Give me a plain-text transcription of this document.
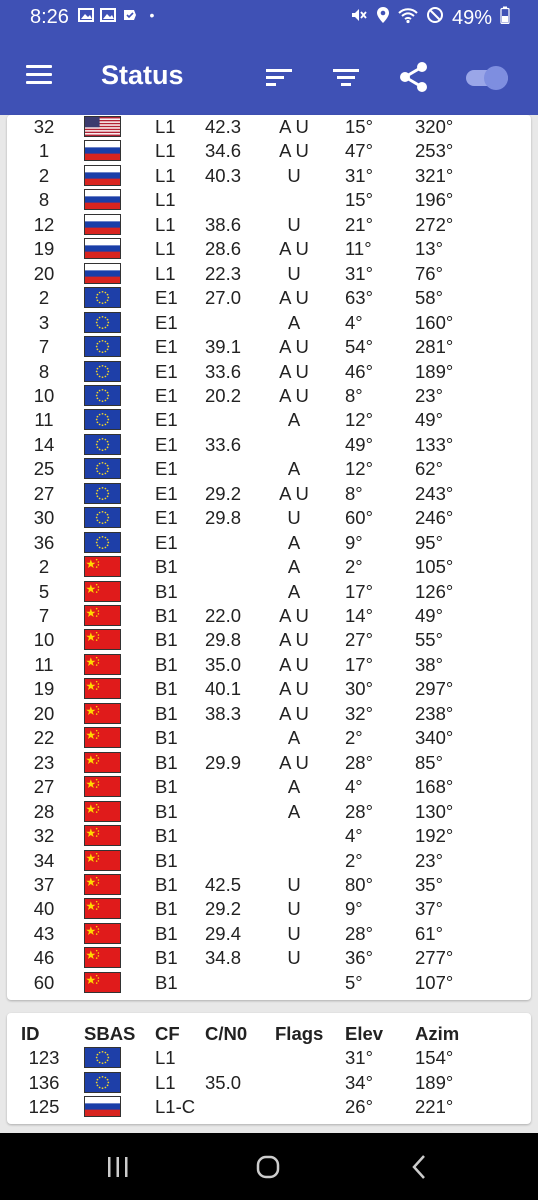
8:26	•	49%
Status
32	L1 42.3	A U	15° 320°
1	L1 34.6	A U	47° 253°
2	L1 40.3	U	31° 321°
8	L1	15° 196°
12	L1 38.6	U	21° 272°
19	L1 28.6	A U	11° 13°
20	L1 22.3	U	31° 76°
2	E1 27.0	A U	63° 58°
3	E1	A	4°	160°
7	E1 39.1	A U	54° 281°
8	E1 33.6	A U	46° 189°
10	E1 20.2	A U	8°	23°
11	E1	A	12° 49°
14	E1 33.6	49° 133°
25	E1	A	12° 62°
27	E1 29.2	A U	8°	243°
30	E1 29.8	U	60° 246°
36	E1	A	9°	95°
2	B1	A	2°	105°
5	B1	A	17° 126°
7	B1 22.0	A U	14° 49°
10	B1 29.8	A U	27° 55°
11	B1 35.0	A U	17° 38°
19	B1 40.1	A U	30° 297°
20	B1 38.3	A U	32° 238°
22	B1	A	2°	340°
23	B1 29.9	A U	28° 85°
27	B1	A	4°	168°
28	B1	A	28° 130°
32	B1	4°	192°
34	B1	2°	23°
37	B1 42.5	U	80° 35°
40	B1 29.2	U	9°	37°
43	B1 29.4	U	28° 61°
46	B1 34.8	U	36° 277°
60	B1	5°	107°
ID SBAS CF C/N0 Flags Elev Azim
123	L1	31° 154°
136	L1 35.0	34° 189°
125	L1-C	26° 221°
